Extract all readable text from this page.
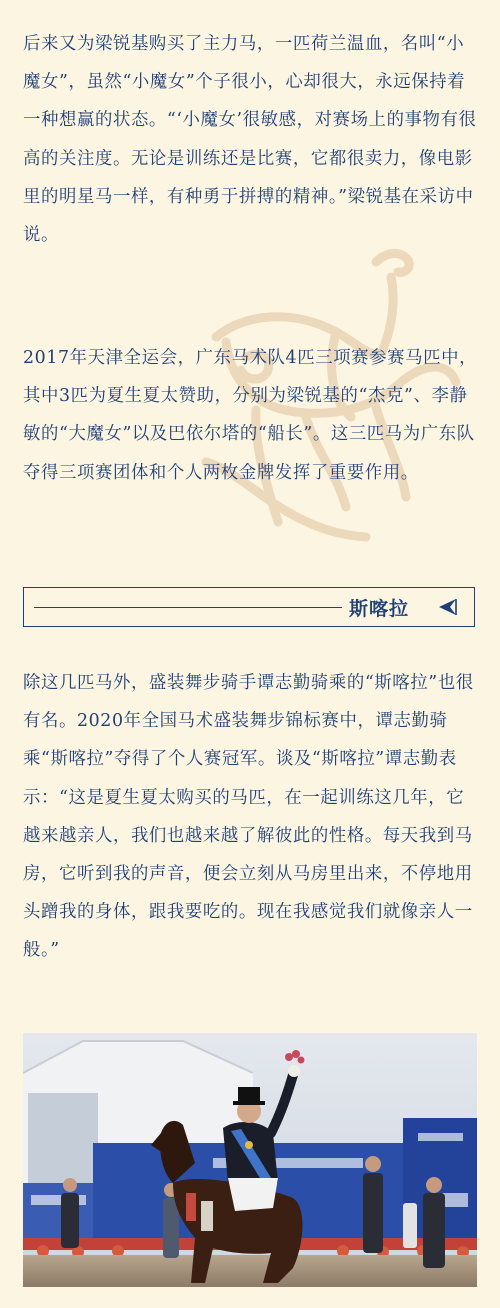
后来又为梁锐基购买了主力马，一匹荷兰温血，名叫“小魔女”，虽然“小魔女”个子很小，心却很大，永远保持着一种想赢的状态。“‘小魔女’很敏感，对赛场上的事物有很高的关注度。无论是训练还是比赛，它都很卖力，像电影里的明星马一样，有种勇于拼搏的精神。”梁锐基在采访中说。
2017年天津全运会，广东马术队4匹三项赛参赛马匹中，其中3匹为夏生夏太赞助，分别为梁锐基的“杰克”、李静敏的“大魔女”以及巴依尔塔的“船长”。这三匹马为广东队夺得三项赛团体和个人两枚金牌发挥了重要作用。
斯喀拉
除这几匹马外，盛装舞步骑手谭志勤骑乘的“斯喀拉”也很有名。2020年全国马术盛装舞步锦标赛中，谭志勤骑乘“斯喀拉”夺得了个人赛冠军。谈及“斯喀拉”谭志勤表示：“这是夏生夏太购买的马匹，在一起训练这几年，它越来越亲人，我们也越来越了解彼此的性格。每天我到马房，它听到我的声音，便会立刻从马房里出来，不停地用头蹭我的身体，跟我要吃的。现在我感觉我们就像亲人一般。”
